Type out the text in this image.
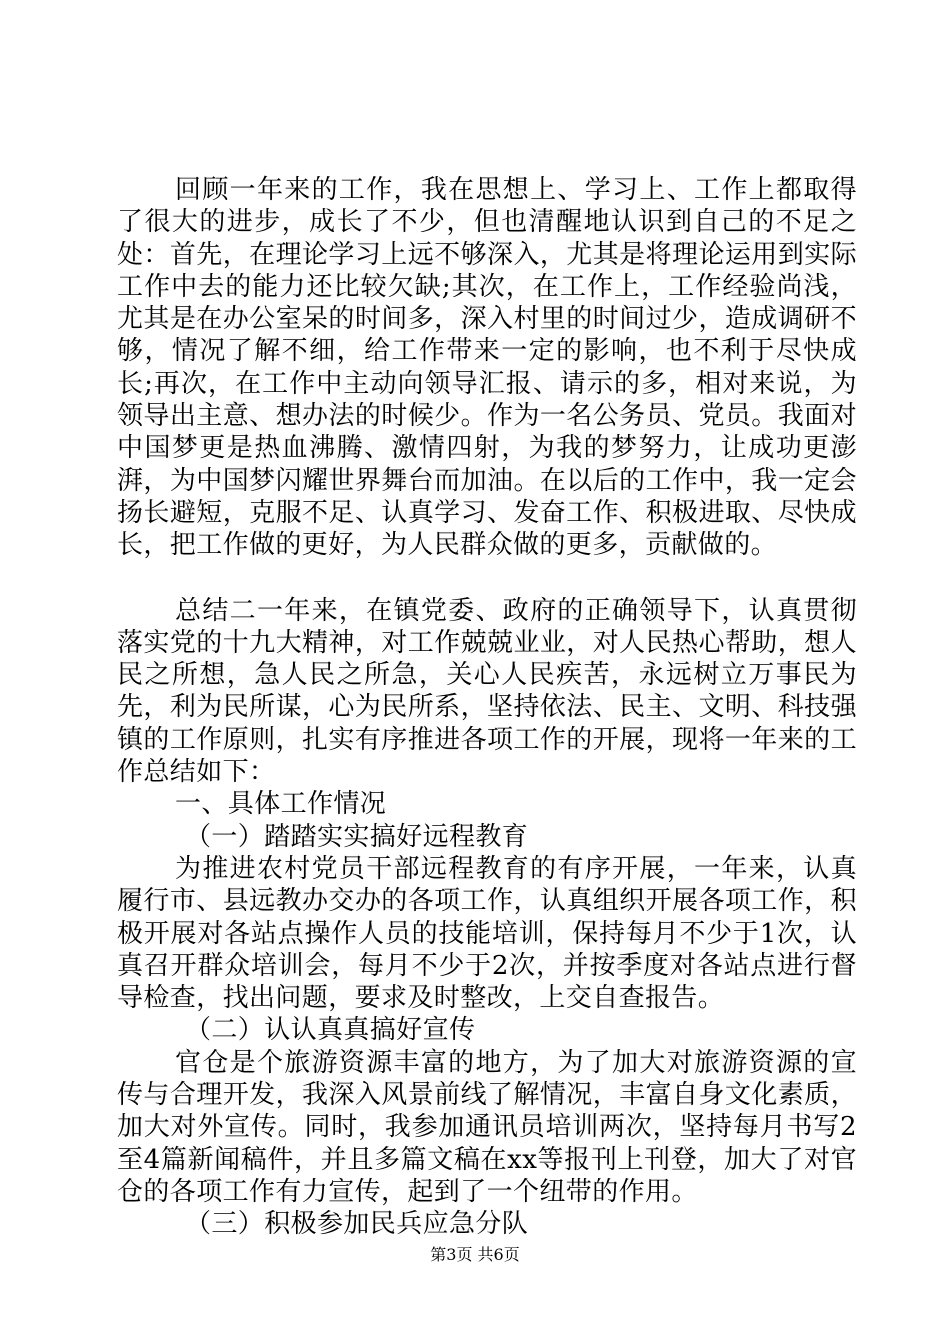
回顾一年来的工作，我在思想上、学习上、工作上都取得了很大的进步，成长了不少，但也清醒地认识到自己的不足之处：首先，在理论学习上远不够深入，尤其是将理论运用到实际工作中去的能力还比较欠缺;其次，在工作上，工作经验尚浅，尤其是在办公室呆的时间多，深入村里的时间过少，造成调研不够，情况了解不细，给工作带来一定的影响，也不利于尽快成长;再次，在工作中主动向领导汇报、请示的多，相对来说，为领导出主意、想办法的时候少。作为一名公务员、党员。我面对中国梦更是热血沸腾、激情四射，为我的梦努力，让成功更澎湃，为中国梦闪耀世界舞台而加油。在以后的工作中，我一定会扬长避短，克服不足、认真学习、发奋工作、积极进取、尽快成长，把工作做的更好，为人民群众做的更多，贡献做的。

总结二一年来，在镇党委、政府的正确领导下，认真贯彻落实党的十九大精神，对工作兢兢业业，对人民热心帮助，想人民之所想，急人民之所急，关心人民疾苦，永远树立万事民为先，利为民所谋，心为民所系，坚持依法、民主、文明、科技强镇的工作原则，扎实有序推进各项工作的开展，现将一年来的工作总结如下：

一、具体工作情况

（一）踏踏实实搞好远程教育

为推进农村党员干部远程教育的有序开展，一年来，认真履行市、县远教办交办的各项工作，认真组织开展各项工作，积极开展对各站点操作人员的技能培训，保持每月不少于1次，认真召开群众培训会，每月不少于2次，并按季度对各站点进行督导检查，找出问题，要求及时整改，上交自查报告。

（二）认认真真搞好宣传

官仓是个旅游资源丰富的地方，为了加大对旅游资源的宣传与合理开发，我深入风景前线了解情况，丰富自身文化素质，加大对外宣传。同时，我参加通讯员培训两次，坚持每月书写2至4篇新闻稿件，并且多篇文稿在xx等报刊上刊登，加大了对官仓的各项工作有力宣传，起到了一个纽带的作用。

（三）积极参加民兵应急分队

第3页 共6页
